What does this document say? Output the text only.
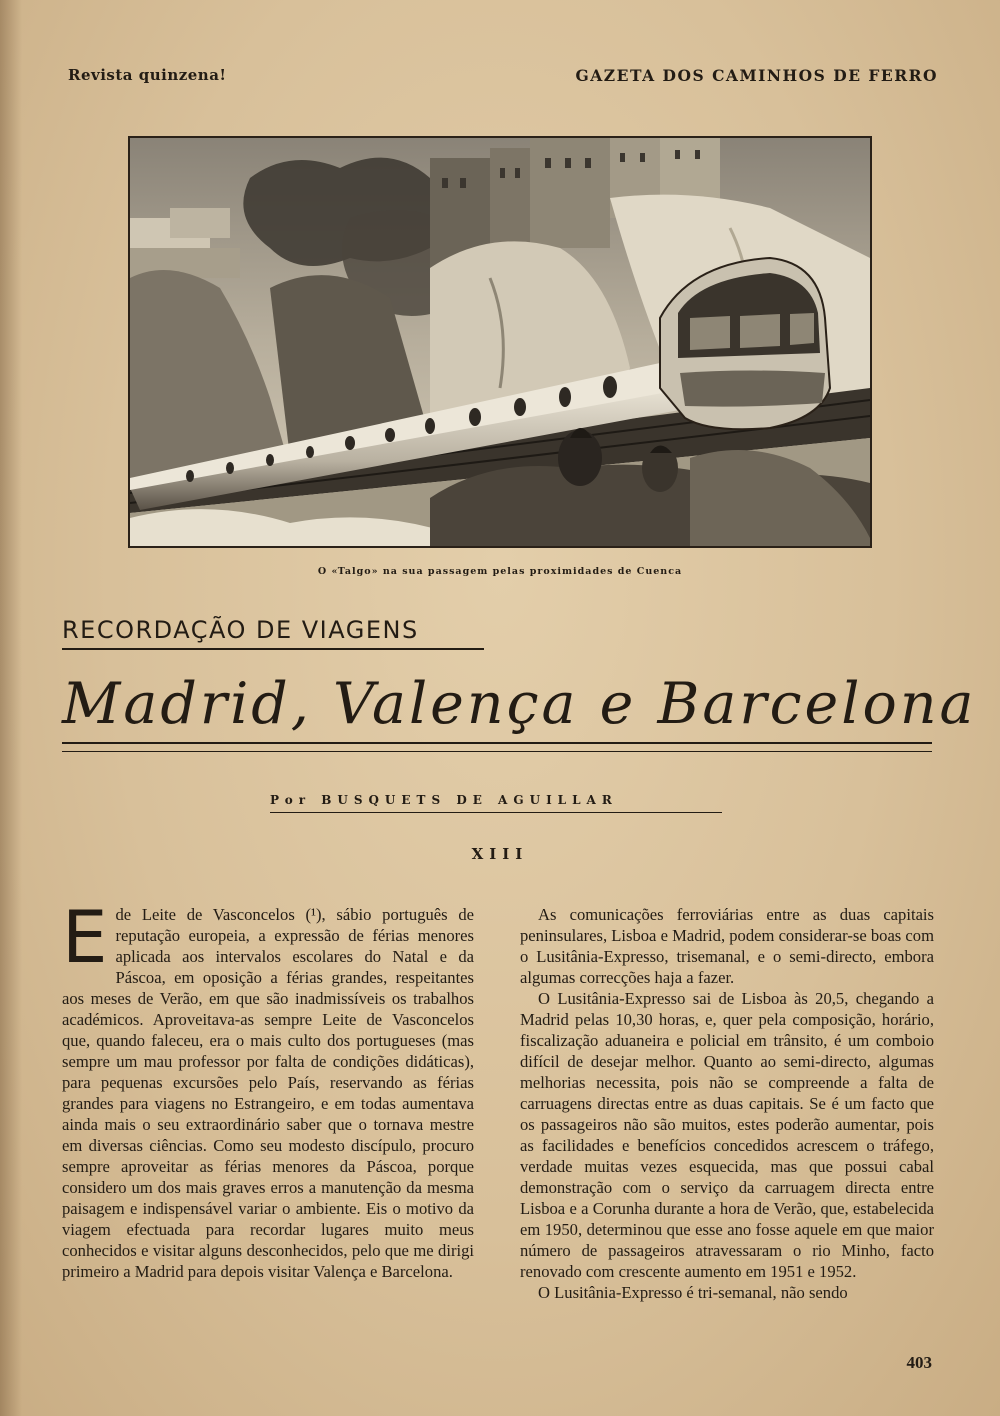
Revista quinzena!	GAZETA DOS CAMINHOS DE FERRO
O «Talgo» na sua passagem pelas proximidades de Cuenca
RECORDAÇÃO DE VIAGENS
Madrid, Valença e Barcelona
Por BUSQUETS DE AGUILLAR
XIII
E de Leite de Vasconcelos (¹), sábio português de reputação europeia, a expressão de férias menores aplicada aos intervalos escolares do Natal e da Páscoa, em oposição a férias grandes, respeitantes aos meses de Verão, em que são inadmissíveis os trabalhos académicos. Aproveitava-as sempre Leite de Vasconcelos que, quando faleceu, era o mais culto dos portugueses (mas sempre um mau professor por falta de condições didáticas), para pequenas excursões pelo País, reservando as férias grandes para viagens no Estrangeiro, e em todas aumentava ainda mais o seu extraordinário saber que o tornava mestre em diversas ciências. Como seu modesto discípulo, procuro sempre aproveitar as férias menores da Páscoa, porque considero um dos mais graves erros a manutenção da mesma paisagem e indispensável variar o ambiente. Eis o motivo da viagem efectuada para recordar lugares muito meus conhecidos e visitar alguns desconhecidos, pelo que me dirigi primeiro a Madrid para depois visitar Valença e Barcelona.

As comunicações ferroviárias entre as duas capitais peninsulares, Lisboa e Madrid, podem considerar-se boas com o Lusitânia-Expresso, trisemanal, e o semi-directo, embora algumas correcções haja a fazer.

O Lusitânia-Expresso sai de Lisboa às 20,5, chegando a Madrid pelas 10,30 horas, e, quer pela composição, horário, fiscalização aduaneira e policial em trânsito, é um comboio difícil de desejar melhor. Quanto ao semi-directo, algumas melhorias necessita, pois não se compreende a falta de carruagens directas entre as duas capitais. Se é um facto que os passageiros não são muitos, estes poderão aumentar, pois as facilidades e benefícios concedidos acrescem o tráfego, verdade muitas vezes esquecida, mas que possui cabal demonstração com o serviço da carruagem directa entre Lisboa e a Corunha durante a hora de Verão, que, estabelecida em 1950, determinou que esse ano fosse aquele em que maior número de passageiros atravessaram o rio Minho, facto renovado com crescente aumento em 1951 e 1952.

O Lusitânia-Expresso é tri-semanal, não sendo

403
